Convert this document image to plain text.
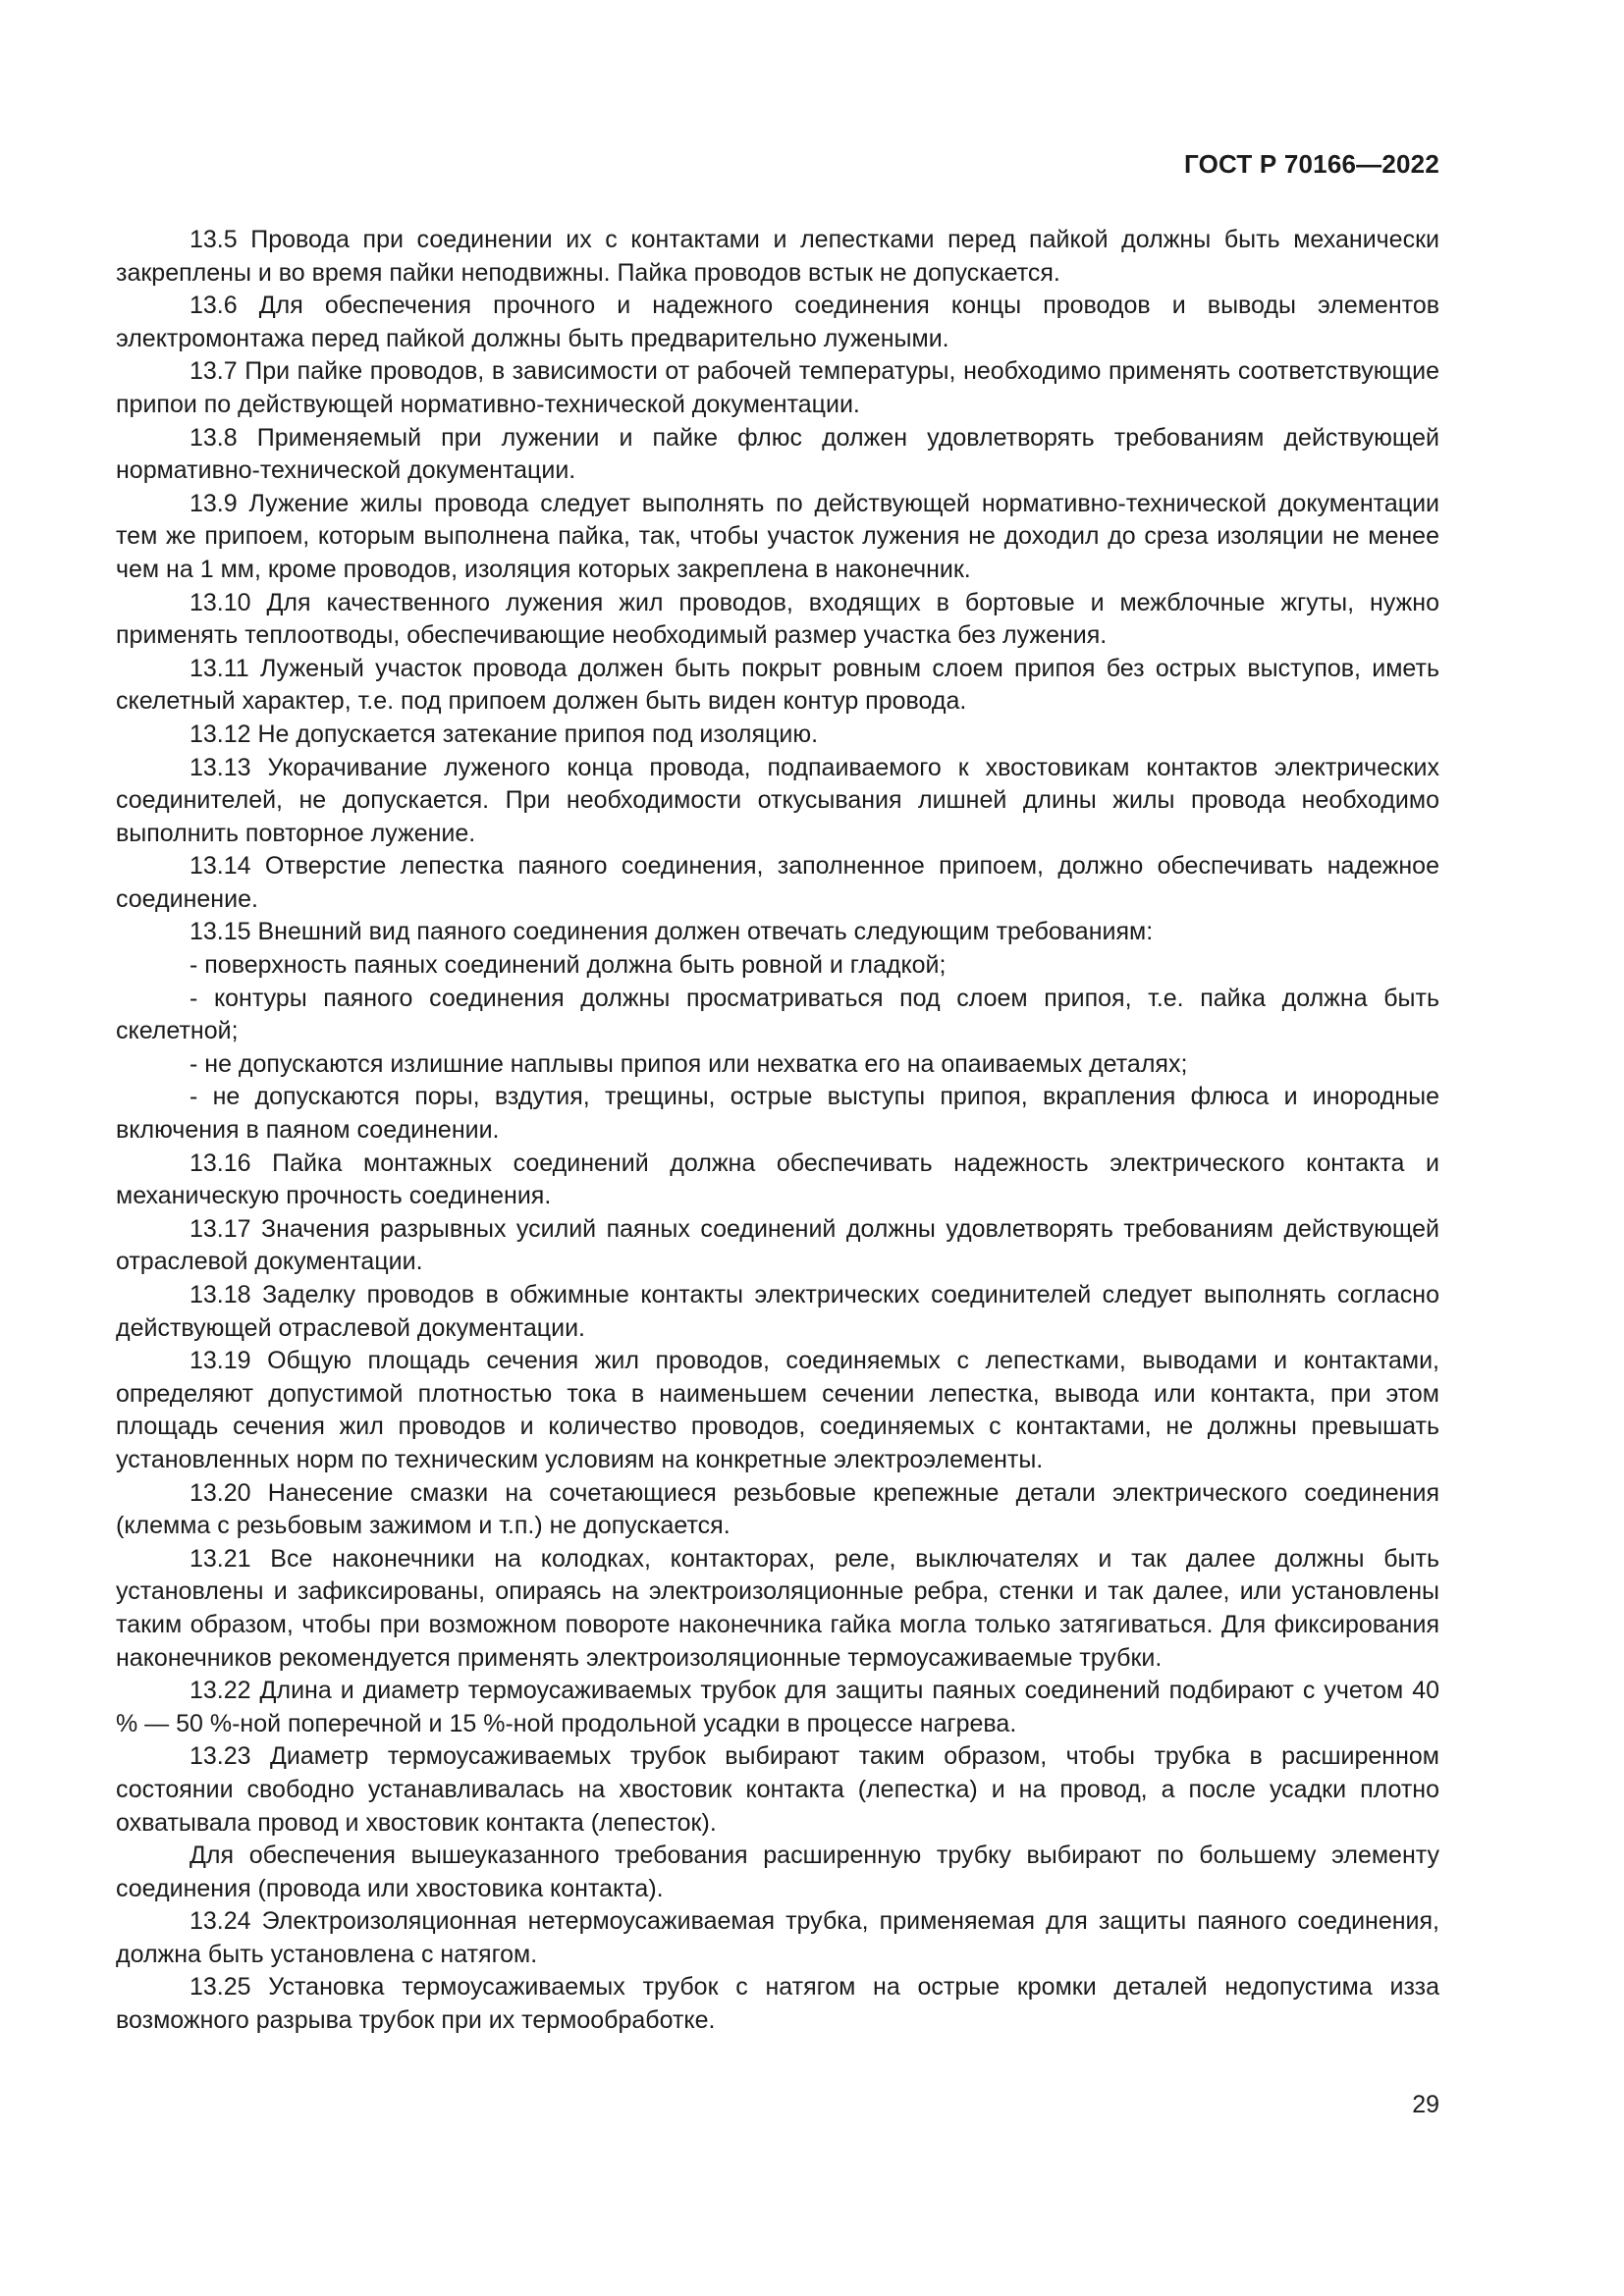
ГОСТ Р 70166—2022

13.5 Провода при соединении их с контактами и лепестками перед пайкой должны быть механически закреплены и во время пайки неподвижны. Пайка проводов встык не допускается.

13.6 Для обеспечения прочного и надежного соединения концы проводов и выводы элементов электромонтажа перед пайкой должны быть предварительно лужеными.

13.7 При пайке проводов, в зависимости от рабочей температуры, необходимо применять соответствующие припои по действующей нормативно-технической документации.

13.8 Применяемый при лужении и пайке флюс должен удовлетворять требованиям действующей нормативно-технической документации.

13.9 Лужение жилы провода следует выполнять по действующей нормативно-технической документации тем же припоем, которым выполнена пайка, так, чтобы участок лужения не доходил до среза изоляции не менее чем на 1 мм, кроме проводов, изоляция которых закреплена в наконечник.

13.10 Для качественного лужения жил проводов, входящих в бортовые и межблочные жгуты, нужно применять теплоотводы, обеспечивающие необходимый размер участка без лужения.

13.11 Луженый участок провода должен быть покрыт ровным слоем припоя без острых выступов, иметь скелетный характер, т.е. под припоем должен быть виден контур провода.

13.12 Не допускается затекание припоя под изоляцию.

13.13 Укорачивание луженого конца провода, подпаиваемого к хвостовикам контактов электрических соединителей, не допускается. При необходимости откусывания лишней длины жилы провода необходимо выполнить повторное лужение.

13.14 Отверстие лепестка паяного соединения, заполненное припоем, должно обеспечивать надежное соединение.

13.15 Внешний вид паяного соединения должен отвечать следующим требованиям:

- поверхность паяных соединений должна быть ровной и гладкой;

- контуры паяного соединения должны просматриваться под слоем припоя, т.е. пайка должна быть скелетной;

- не допускаются излишние наплывы припоя или нехватка его на опаиваемых деталях;

- не допускаются поры, вздутия, трещины, острые выступы припоя, вкрапления флюса и инородные включения в паяном соединении.

13.16 Пайка монтажных соединений должна обеспечивать надежность электрического контакта и механическую прочность соединения.

13.17 Значения разрывных усилий паяных соединений должны удовлетворять требованиям действующей отраслевой документации.

13.18 Заделку проводов в обжимные контакты электрических соединителей следует выполнять согласно действующей отраслевой документации.

13.19 Общую площадь сечения жил проводов, соединяемых с лепестками, выводами и контактами, определяют допустимой плотностью тока в наименьшем сечении лепестка, вывода или контакта, при этом площадь сечения жил проводов и количество проводов, соединяемых с контактами, не должны превышать установленных норм по техническим условиям на конкретные электроэлементы.

13.20 Нанесение смазки на сочетающиеся резьбовые крепежные детали электрического соединения (клемма с резьбовым зажимом и т.п.) не допускается.

13.21 Все наконечники на колодках, контакторах, реле, выключателях и так далее должны быть установлены и зафиксированы, опираясь на электроизоляционные ребра, стенки и так далее, или установлены таким образом, чтобы при возможном повороте наконечника гайка могла только затягиваться. Для фиксирования наконечников рекомендуется применять электроизоляционные термоусаживаемые трубки.

13.22 Длина и диаметр термоусаживаемых трубок для защиты паяных соединений подбирают с учетом 40 % — 50 %-ной поперечной и 15 %-ной продольной усадки в процессе нагрева.

13.23 Диаметр термоусаживаемых трубок выбирают таким образом, чтобы трубка в расширенном состоянии свободно устанавливалась на хвостовик контакта (лепестка) и на провод, а после усадки плотно охватывала провод и хвостовик контакта (лепесток).

Для обеспечения вышеуказанного требования расширенную трубку выбирают по большему элементу соединения (провода или хвостовика контакта).

13.24 Электроизоляционная нетермоусаживаемая трубка, применяемая для защиты паяного соединения, должна быть установлена с натягом.

13.25 Установка термоусаживаемых трубок с натягом на острые кромки деталей недопустима изза возможного разрыва трубок при их термообработке.

29
